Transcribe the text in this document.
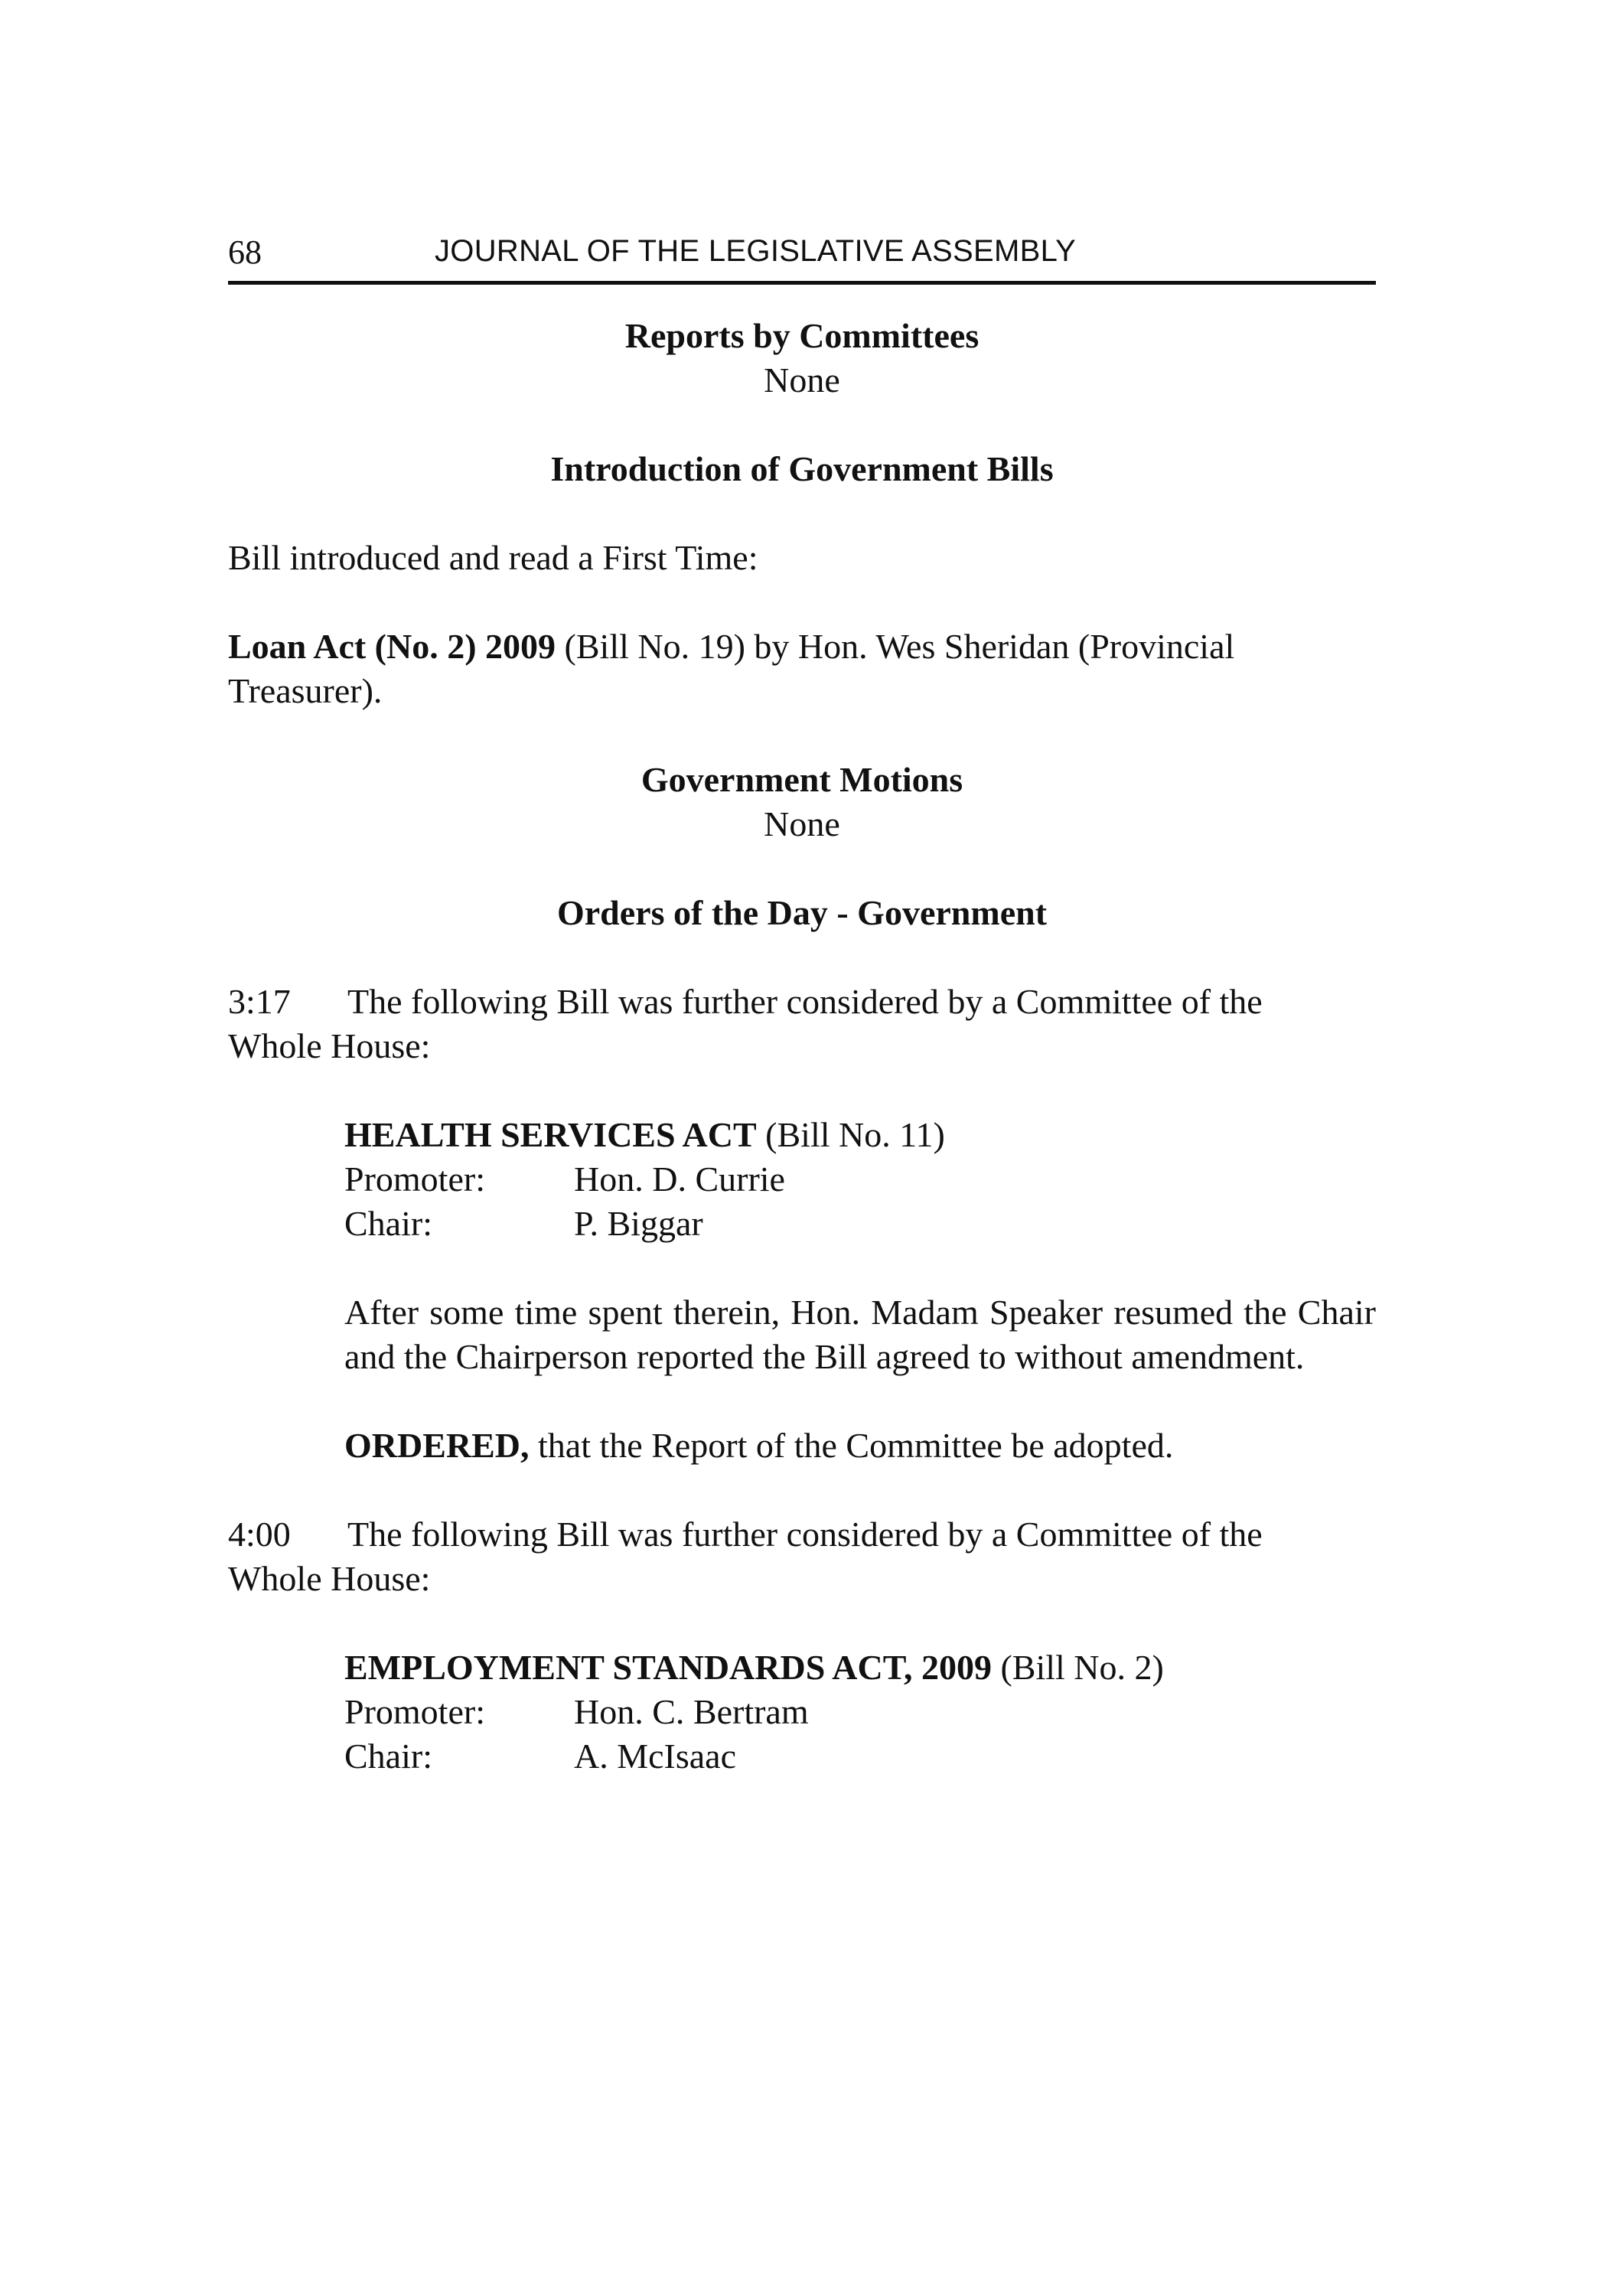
68	JOURNAL OF THE LEGISLATIVE ASSEMBLY

Reports by Committees

None

Introduction of Government Bills

Bill introduced and read a First Time:

Loan Act (No. 2) 2009 (Bill No. 19) by Hon. Wes Sheridan (Provincial
Treasurer).

Government Motions

None

Orders of the Day - Government

3:17 The following Bill was further considered by a Committee of the
Whole House:

HEALTH SERVICES ACT (Bill No. 11)

Promoter:	Hon. D. Currie
Chair:	P. Biggar

After some time spent therein, Hon. Madam Speaker resumed the Chair and the Chairperson reported the Bill agreed to without amendment.

ORDERED, that the Report of the Committee be adopted.

4:00 The following Bill was further considered by a Committee of the
Whole House:

EMPLOYMENT STANDARDS ACT, 2009 (Bill No. 2)

Promoter:	Hon. C. Bertram
Chair:	A. McIsaac
